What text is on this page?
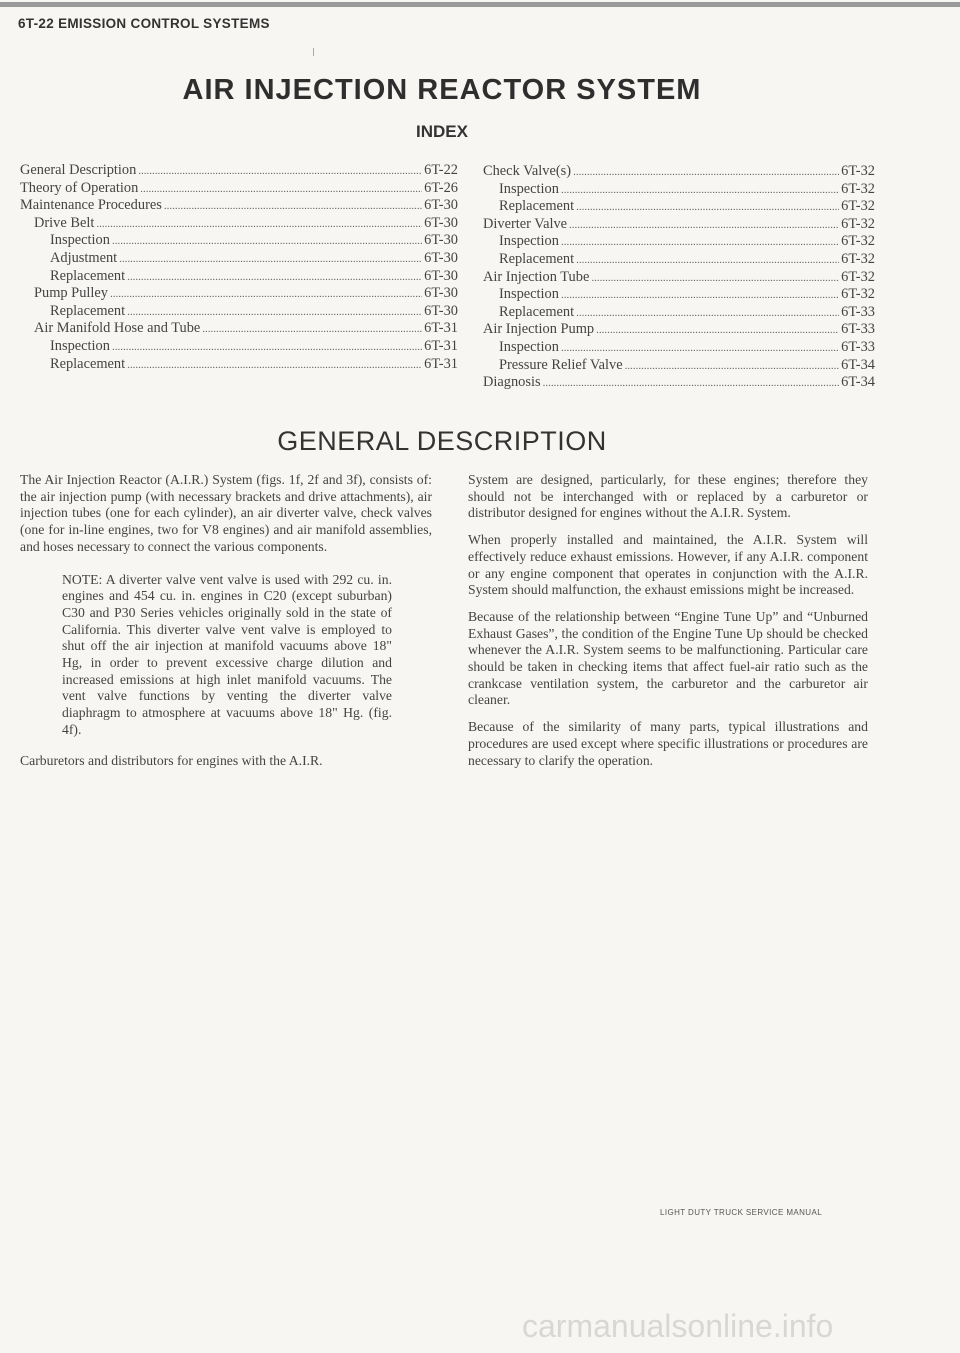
6T-22 EMISSION CONTROL SYSTEMS
AIR INJECTION REACTOR SYSTEM
INDEX
General Description .....	6T-22
Theory of Operation .....	6T-26
Maintenance Procedures .....	6T-30
Drive Belt .....	6T-30
Inspection .....	6T-30
Adjustment .....	6T-30
Replacement .....	6T-30
Pump Pulley .....	6T-30
Replacement .....	6T-30
Air Manifold Hose and Tube .....	6T-31
Inspection .....	6T-31
Replacement .....	6T-31
Check Valve(s) .....	6T-32
Inspection .....	6T-32
Replacement .....	6T-32
Diverter Valve .....	6T-32
Inspection .....	6T-32
Replacement .....	6T-32
Air Injection Tube .....	6T-32
Inspection .....	6T-32
Replacement .....	6T-33
Air Injection Pump .....	6T-33
Inspection .....	6T-33
Pressure Relief Valve .....	6T-34
Diagnosis .....	6T-34
GENERAL DESCRIPTION

The Air Injection Reactor (A.I.R.) System (figs. 1f, 2f and 3f), consists of: the air injection pump (with necessary brackets and drive attachments), air injection tubes (one for each cylinder), an air diverter valve, check valves (one for in-line engines, two for V8 engines) and air manifold assemblies, and hoses necessary to connect the various components.

NOTE: A diverter valve vent valve is used with 292 cu. in. engines and 454 cu. in. engines in C20 (except suburban) C30 and P30 Series vehicles originally sold in the state of California. This diverter valve vent valve is employed to shut off the air injection at manifold vacuums above 18" Hg, in order to prevent excessive charge dilution and increased emissions at high inlet manifold vacuums. The vent valve functions by venting the diverter valve diaphragm to atmosphere at vacuums above 18" Hg. (fig. 4f).

Carburetors and distributors for engines with the A.I.R.

System are designed, particularly, for these engines; therefore they should not be interchanged with or replaced by a carburetor or distributor designed for engines without the A.I.R. System.

When properly installed and maintained, the A.I.R. System will effectively reduce exhaust emissions. However, if any A.I.R. component or any engine component that operates in conjunction with the A.I.R. System should malfunction, the exhaust emissions might be increased.

Because of the relationship between “Engine Tune Up” and “Unburned Exhaust Gases”, the condition of the Engine Tune Up should be checked whenever the A.I.R. System seems to be malfunctioning. Particular care should be taken in checking items that affect fuel-air ratio such as the crankcase ventilation system, the carburetor and the carburetor air cleaner.

Because of the similarity of many parts, typical illustrations and procedures are used except where specific illustrations or procedures are necessary to clarify the operation.

LIGHT DUTY TRUCK SERVICE MANUAL
carmanualsonline.info
